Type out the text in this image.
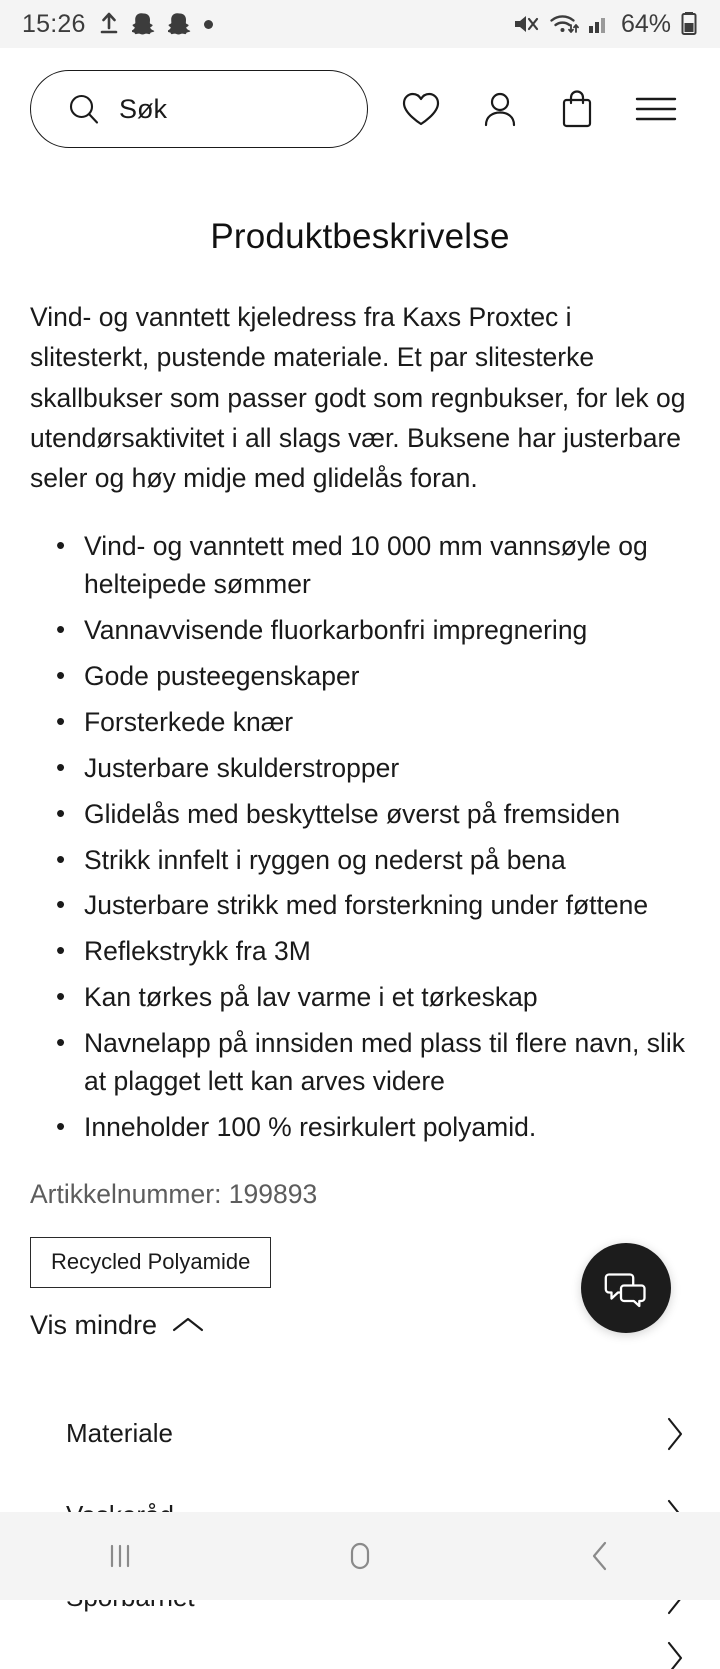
15:26	64%
Søk
Produktbeskrivelse

Vind- og vanntett kjeledress fra Kaxs Proxtec i slitesterkt, pustende materiale. Et par slitesterke skallbukser som passer godt som regnbukser, for lek og utendørsaktivitet i all slags vær. Buksene har justerbare seler og høy midje med glidelås foran.

• Vind- og vanntett med 10 000 mm vannsøyle og helteipede sømmer
• Vannavvisende fluorkarbonfri impregnering
• Gode pusteegenskaper
• Forsterkede knær
• Justerbare skulderstropper
• Glidelås med beskyttelse øverst på fremsiden
• Strikk innfelt i ryggen og nederst på bena
• Justerbare strikk med forsterkning under føttene
• Reflekstrykk fra 3M
• Kan tørkes på lav varme i et tørkeskap
• Navnelapp på innsiden med plass til flere navn, slik at plagget lett kan arves videre
• Inneholder 100 % resirkulert polyamid.
Artikkelnummer: 199893
Recycled Polyamide
Vis mindre
Materiale
